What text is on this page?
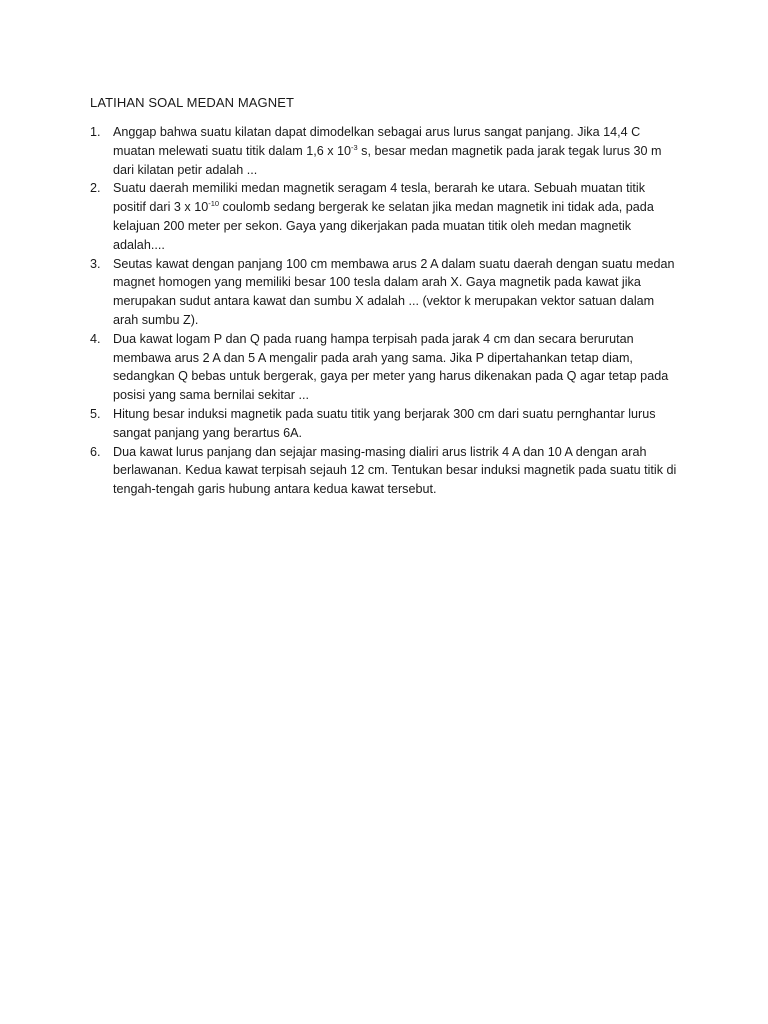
LATIHAN SOAL MEDAN MAGNET
1. Anggap bahwa suatu kilatan dapat dimodelkan sebagai arus lurus sangat panjang. Jika 14,4 C muatan melewati suatu titik dalam 1,6 x $10^{-3}$ s, besar medan magnetik pada jarak tegak lurus 30 m dari kilatan petir adalah ...
2. Suatu daerah memiliki medan magnetik seragam 4 tesla, berarah ke utara. Sebuah muatan titik positif dari 3 x $10^{-10}$ coulomb sedang bergerak ke selatan jika medan magnetik ini tidak ada, pada kelajuan 200 meter per sekon. Gaya yang dikerjakan pada muatan titik oleh medan magnetik adalah....
3. Seutas kawat dengan panjang 100 cm membawa arus 2 A dalam suatu daerah dengan suatu medan magnet homogen yang memiliki besar 100 tesla dalam arah X. Gaya magnetik pada kawat jika merupakan sudut antara kawat dan sumbu X adalah ... (vektor k merupakan vektor satuan dalam arah sumbu Z).
4. Dua kawat logam P dan Q pada ruang hampa terpisah pada jarak 4 cm dan secara berurutan membawa arus 2 A dan 5 A mengalir pada arah yang sama. Jika P dipertahankan tetap diam, sedangkan Q bebas untuk bergerak, gaya per meter yang harus dikenakan pada Q agar tetap pada posisi yang sama bernilai sekitar ...
5. Hitung besar induksi magnetik pada suatu titik yang berjarak 300 cm dari suatu pernghantar lurus sangat panjang yang berartus 6A.
6. Dua kawat lurus panjang dan sejajar masing-masing dialiri arus listrik 4 A dan 10 A dengan arah berlawanan. Kedua kawat terpisah sejauh 12 cm. Tentukan besar induksi magnetik pada suatu titik di tengah-tengah garis hubung antara kedua kawat tersebut.
